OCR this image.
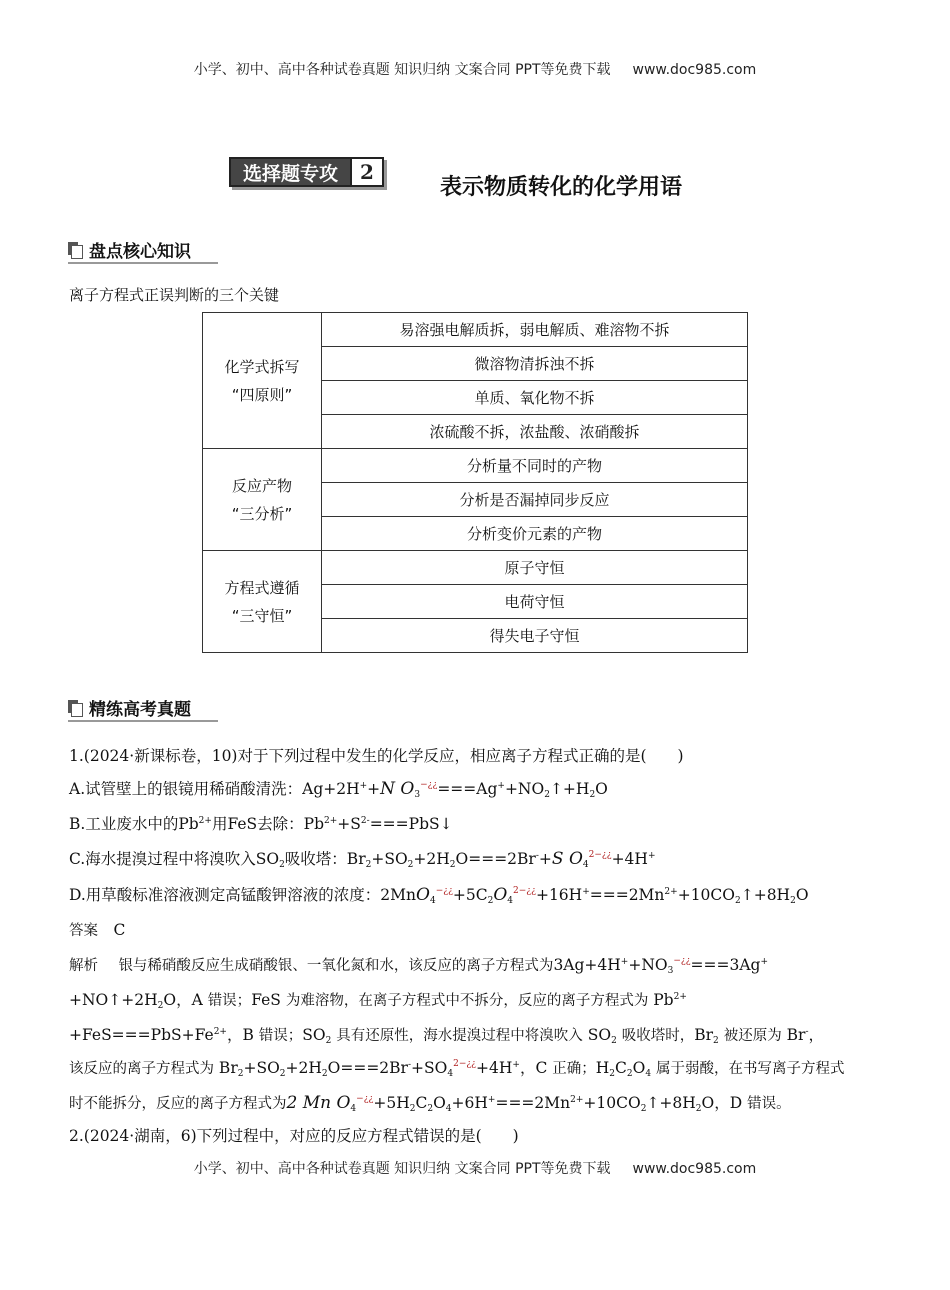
小学、初中、高中各种试卷真题 知识归纳 文案合同 PPT等免费下载 www.doc985.com
选择题专攻	2
表示物质转化的化学用语
盘点核心知识
离子方程式正误判断的三个关键
化学式拆写
“四原则”	易溶强电解质拆，弱电解质、难溶物不拆
	微溶物清拆浊不拆
	单质、氧化物不拆
	浓硫酸不拆，浓盐酸、浓硝酸拆
反应产物
“三分析”	分析量不同时的产物
	分析是否漏掉同步反应
	分析变价元素的产物
方程式遵循
“三守恒”	原子守恒
	电荷守恒
	得失电子守恒
精练高考真题
1.(2024·新课标卷，10)对于下列过程中发生的化学反应，相应离子方程式正确的是(　　)
A.试管壁上的银镜用稀硝酸清洗：Ag+2H++N O3−¿¿===Ag++NO2↑+H2O
B.工业废水中的$Pb^{2+}$用FeS去除：$Pb^{2+}+S^{2-}===PbS↓$
C.海水提溴过程中将溴吹入SO2吸收塔：Br2+SO2+2H2O===2Br-+S $O4^{2-¿¿}+4H^+$
D.用草酸标准溶液测定高锰酸钾溶液的浓度：$2MnO4^{-¿¿}+5C2O4^{2-¿¿}+16H^+===2Mn^{2+}+10CO2↑+8H2O$
答案　 C
解析　 银与稀硝酸反应生成硝酸银、一氧化氮和水，该反应的离子方程式为3Ag+4H++NO3−¿¿===3Ag+
+NO↑+2H2O，A 错误；FeS 为难溶物，在离子方程式中不拆分，反应的离子方程式为 $Pb^{2+}$
$+FeS===PbS+Fe^{2+}$，B 错误；SO2 具有还原性，海水提溴过程中将溴吹入 SO2 吸收塔时，Br2 被还原为 Br-，
该反应的离子方程式为 $Br2+SO2+2H2O===2Br^-+SO4^{2-¿¿}+4H^+$，C 正确；H2C2O4 属于弱酸，在书写离子方程式
时不能拆分，反应的离子方程式为2 Mn $O4^{-¿¿}+5H2C2O4+6H^+===2Mn^{2+}+10CO2↑+8H2O$，D 错误。
2.(2024·湖南，6)下列过程中，对应的反应方程式错误的是(　　)
小学、初中、高中各种试卷真题 知识归纳 文案合同 PPT等免费下载 www.doc985.com
